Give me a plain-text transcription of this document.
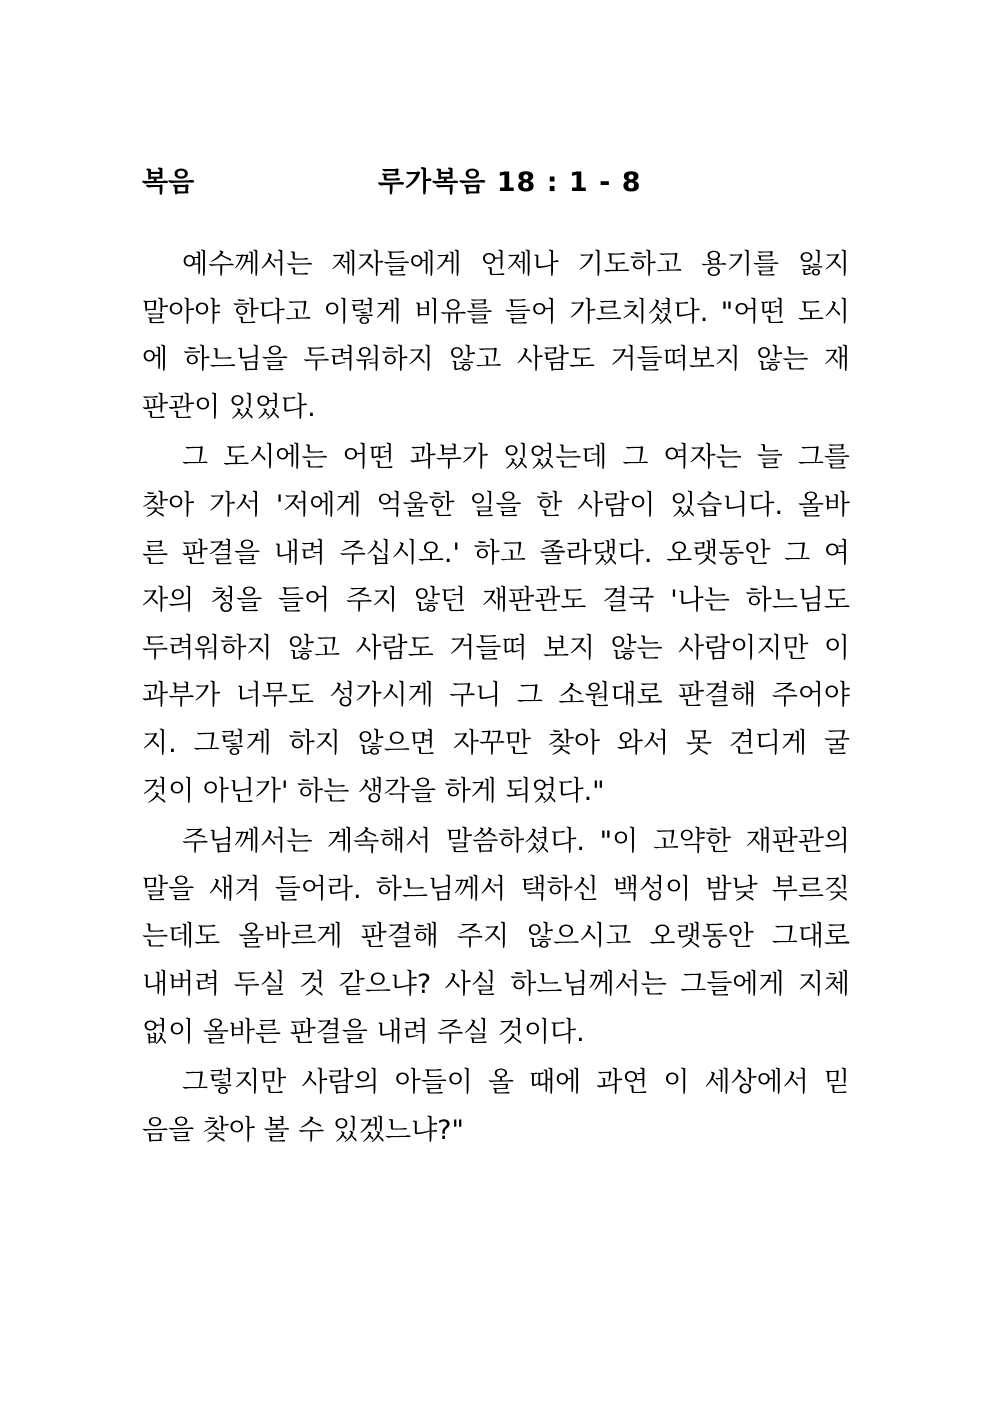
복음	루가복음 18 : 1 - 8
예수께서는 제자들에게 언제나 기도하고 용기를 잃지
말아야 한다고 이렇게 비유를 들어 가르치셨다. "어떤 도시
에 하느님을 두려워하지 않고 사람도 거들떠보지 않는 재
판관이 있었다.
그 도시에는 어떤 과부가 있었는데 그 여자는 늘 그를
찾아 가서 '저에게 억울한 일을 한 사람이 있습니다. 올바
른 판결을 내려 주십시오.' 하고 졸라댔다. 오랫동안 그 여
자의 청을 들어 주지 않던 재판관도 결국 '나는 하느님도
두려워하지 않고 사람도 거들떠 보지 않는 사람이지만 이
과부가 너무도 성가시게 구니 그 소원대로 판결해 주어야
지. 그렇게 하지 않으면 자꾸만 찾아 와서 못 견디게 굴
것이 아닌가' 하는 생각을 하게 되었다."
주님께서는 계속해서 말씀하셨다. "이 고약한 재판관의
말을 새겨 들어라. 하느님께서 택하신 백성이 밤낮 부르짖
는데도 올바르게 판결해 주지 않으시고 오랫동안 그대로
내버려 두실 것 같으냐? 사실 하느님께서는 그들에게 지체
없이 올바른 판결을 내려 주실 것이다.
그렇지만 사람의 아들이 올 때에 과연 이 세상에서 믿
음을 찾아 볼 수 있겠느냐?"
